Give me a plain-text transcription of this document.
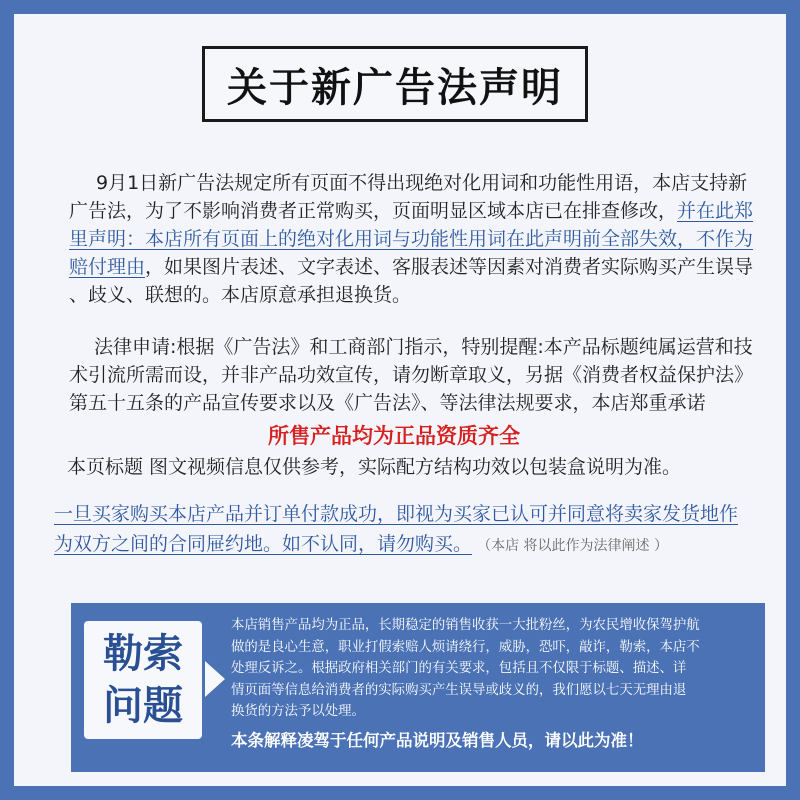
关于新广告法声明
9月1日新广告法规定所有页面不得出现绝对化用词和功能性用语，本店支持新
广告法，为了不影响消费者正常购买，页面明显区域本店已在排查修改，并在此郑
里声明：本店所有页面上的绝对化用词与功能性用词在此声明前全部失效，不作为
赔付理由，如果图片表述、文字表述、客服表述等因素对消费者实际购买产生误导
、歧义、联想的。本店原意承担退换货。
法律申请:根据《广告法》和工商部门指示，特别提醒:本产品标题纯属运营和技
术引流所需而设，并非产品功效宣传，请勿断章取义，另据《消费者权益保护法》
第五十五条的产品宣传要求以及《广告法》、等法律法规要求，本店郑重承诺
所售产品均为正品资质齐全
本页标题 图文视频信息仅供参考，实际配方结构功效以包装盒说明为准。
一旦买家购买本店产品并订单付款成功，即视为买家已认可并同意将卖家发货地作
为双方之间的合同屉约地。如不认同，请勿购买。 （本店 将以此作为法律阐述 ）
勒索
问题
本店销售产品均为正品，长期稳定的销售收获一大批粉丝，为农民增收保驾护航
做的是良心生意，职业打假索赔人烦请绕行，威胁，恐吓，敲诈，勒索，本店不
处理反诉之。根据政府相关部门的有关要求，包括且不仅限于标题、描述、详
情页面等信息给消费者的实际购买产生误导或歧义的，我们愿以七天无理由退
换货的方法予以处理。
本条解释凌驾于任何产品说明及销售人员，请以此为准！
